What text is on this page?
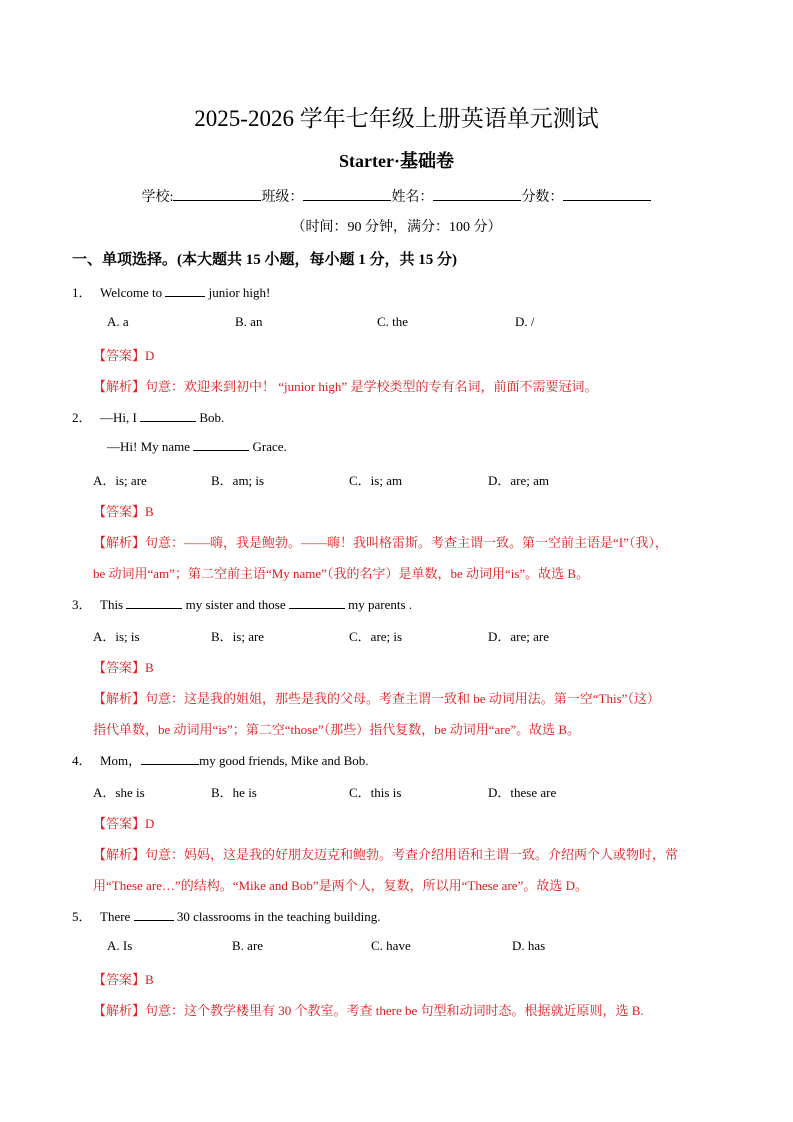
2025-2026 学年七年级上册英语单元测试
Starter·基础卷
学校:	班级：	姓名：	分数：
（时间：90 分钟，满分：100 分）
一、单项选择。(本大题共 15 小题，每小题 1 分，共 15 分)
1． Welcome to	junior high!
A. a	B. an	C. the	D. /
【答案】D
【解析】句意：欢迎来到初中！ “junior high” 是学校类型的专有名词，前面不需要冠词。
2． —Hi, I	Bob.
—Hi! My name	Grace.
A．is; are	B．am; is	C．is; am	D．are; am
【答案】B
【解析】句意：——嗨，我是鲍勃。——嗨！我叫格雷斯。考查主谓一致。第一空前主语是“I”（我），
be 动词用“am”；第二空前主语“My name”（我的名字）是单数，be 动词用“is”。故选 B。
3． This	my sister and those	my parents .
A．is; is	B．is; are	C．are; is	D．are; are
【答案】B
【解析】句意：这是我的姐姐，那些是我的父母。考查主谓一致和 be 动词用法。第一空“This”（这）
指代单数，be 动词用“is”；第二空“those”（那些）指代复数，be 动词用“are”。故选 B。
4． Mom，	my good friends, Mike and Bob.
A．she is	B．he is	C．this is	D．these are
【答案】D
【解析】句意：妈妈，这是我的好朋友迈克和鲍勃。考查介绍用语和主谓一致。介绍两个人或物时，常
用“These are…”的结构。“Mike and Bob”是两个人，复数，所以用“These are”。故选 D。
5． There	30 classrooms in the teaching building.
A. Is	B. are	C. have	D. has
【答案】B
【解析】句意：这个教学楼里有 30 个教室。考查 there be 句型和动词时态。根据就近原则，选 B.
